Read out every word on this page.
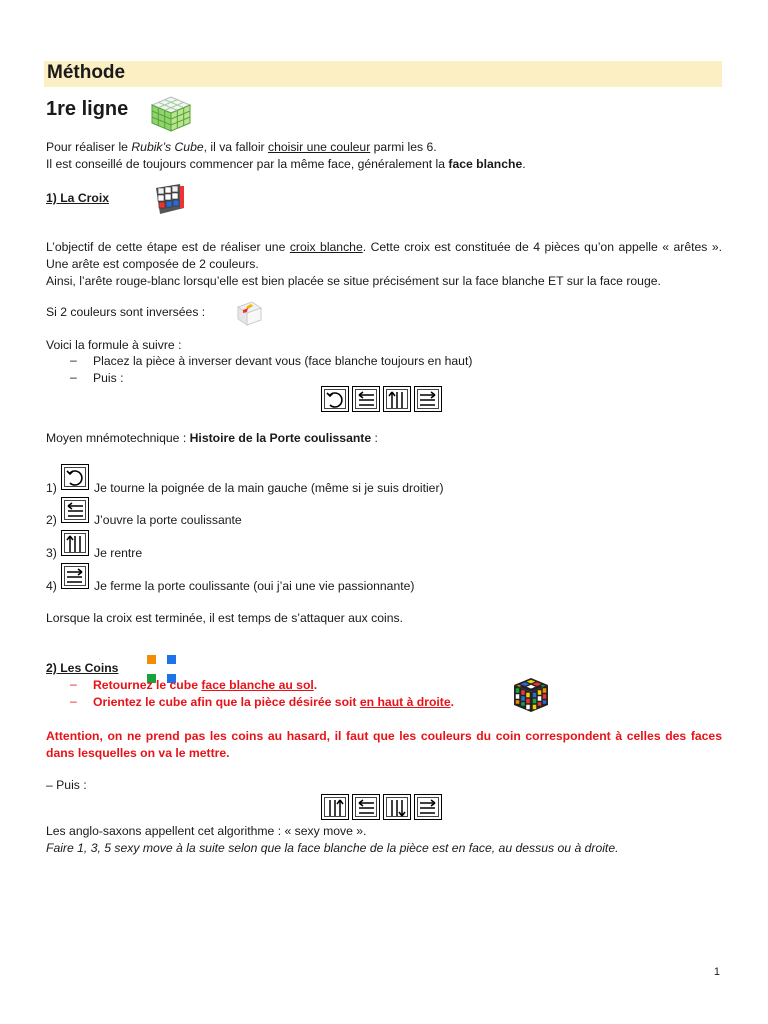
Méthode
1re ligne
Pour réaliser le Rubik’s Cube, il va falloir choisir une couleur parmi les 6.
Il est conseillé de toujours commencer par la même face, généralement la face blanche.
1) La Croix
L’objectif de cette étape est de réaliser une croix blanche. Cette croix est constituée de 4 pièces qu’on appelle « arêtes ». Une arête est composée de 2 couleurs.
Ainsi, l’arête rouge-blanc lorsqu’elle est bien placée se situe précisément sur la face blanche ET sur la face rouge.
Si 2 couleurs sont inversées :
Voici la formule à suivre :
– Placez la pièce à inverser devant vous (face blanche toujours en haut)
– Puis :
Moyen mnémotechnique : Histoire de la Porte coulissante :
1)	Je tourne la poignée de la main gauche (même si je suis droitier)
2)	J’ouvre la porte coulissante
3)	Je rentre
4)	Je ferme la porte coulissante (oui j’ai une vie passionnante)
Lorsque la croix est terminée, il est temps de s’attaquer aux coins.
2) Les Coins
– Retournez le cube face blanche au sol.
– Orientez le cube afin que la pièce désirée soit en haut à droite.
Attention, on ne prend pas les coins au hasard, il faut que les couleurs du coin correspondent à celles des faces dans lesquelles on va le mettre.
– Puis :
Les anglo-saxons appellent cet algorithme : « sexy move ».
Faire 1, 3, 5 sexy move à la suite selon que la face blanche de la pièce est en face, au dessus ou à droite.
1
